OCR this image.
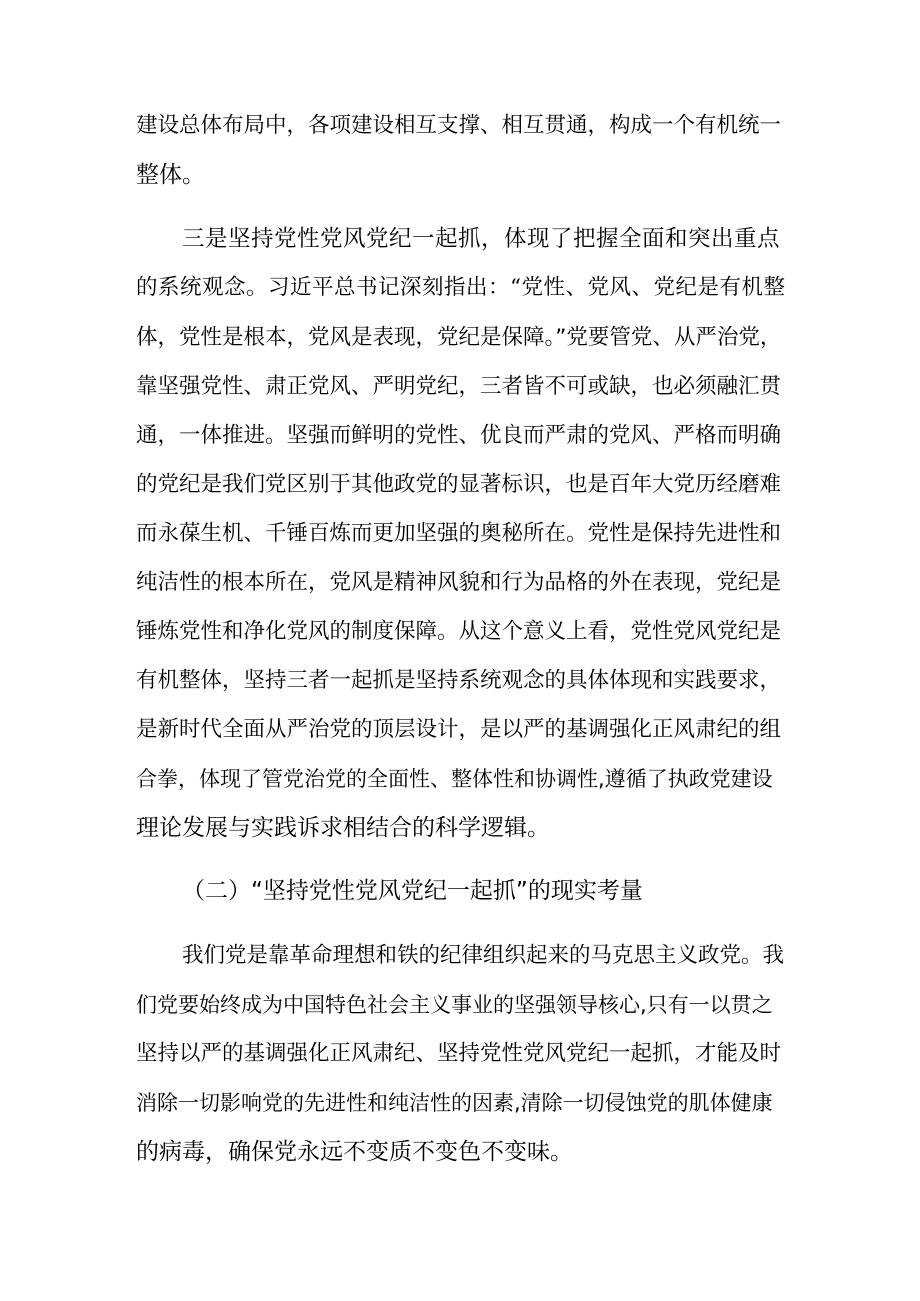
建设总体布局中，各项建设相互支撑、相互贯通，构成一个有机统一
整体。
三是坚持党性党风党纪一起抓，体现了把握全面和突出重点
的系统观念。习近平总书记深刻指出：“党性、党风、党纪是有机整
体，党性是根本，党风是表现，党纪是保障。”党要管党、从严治党，
靠坚强党性、肃正党风、严明党纪，三者皆不可或缺，也必须融汇贯
通，一体推进。坚强而鲜明的党性、优良而严肃的党风、严格而明确
的党纪是我们党区别于其他政党的显著标识，也是百年大党历经磨难
而永葆生机、千锤百炼而更加坚强的奥秘所在。党性是保持先进性和
纯洁性的根本所在，党风是精神风貌和行为品格的外在表现，党纪是
锤炼党性和净化党风的制度保障。从这个意义上看，党性党风党纪是
有机整体，坚持三者一起抓是坚持系统观念的具体体现和实践要求，
是新时代全面从严治党的顶层设计，是以严的基调强化正风肃纪的组
合拳，体现了管党治党的全面性、整体性和协调性,遵循了执政党建设
理论发展与实践诉求相结合的科学逻辑。
（二）“坚持党性党风党纪一起抓”的现实考量
我们党是靠革命理想和铁的纪律组织起来的马克思主义政党。我
们党要始终成为中国特色社会主义事业的坚强领导核心,只有一以贯之
坚持以严的基调强化正风肃纪、坚持党性党风党纪一起抓，才能及时
消除一切影响党的先进性和纯洁性的因素,清除一切侵蚀党的肌体健康
的病毒，确保党永远不变质不变色不变味。
